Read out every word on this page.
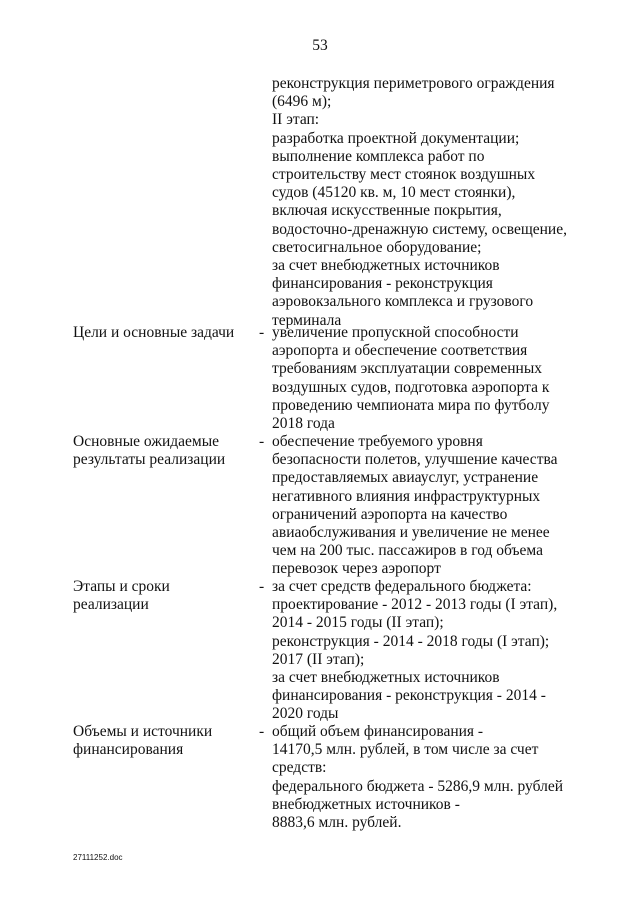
53
реконструкция периметрового ограждения
(6496 м);
II этап:
разработка проектной документации;
выполнение комплекса работ по
строительству мест стоянок воздушных
судов (45120 кв. м, 10 мест стоянки),
включая искусственные покрытия,
водосточно-дренажную систему, освещение,
светосигнальное оборудование;
за счет внебюджетных источников
финансирования - реконструкция
аэровокзального комплекса и грузового
терминала
Цели и основные задачи - увеличение пропускной способности
аэропорта и обеспечение соответствия
требованиям эксплуатации современных
воздушных судов, подготовка аэропорта к
проведению чемпионата мира по футболу
2018 года
Основные ожидаемые
результаты реализации
- обеспечение требуемого уровня
безопасности полетов, улучшение качества
предоставляемых авиауслуг, устранение
негативного влияния инфраструктурных
ограничений аэропорта на качество
авиаобслуживания и увеличение не менее
чем на 200 тыс. пассажиров в год объема
перевозок через аэропорт
Этапы и сроки
реализации
- за счет средств федерального бюджета:
проектирование - 2012 - 2013 годы (I этап),
2014 - 2015 годы (II этап);
реконструкция - 2014 - 2018 годы (I этап);
2017 (II этап);
за счет внебюджетных источников
финансирования - реконструкция - 2014 -
2020 годы
Объемы и источники
финансирования
- общий объем финансирования -
14170,5 млн. рублей, в том числе за счет
средств:
федерального бюджета - 5286,9 млн. рублей
внебюджетных источников -
8883,6 млн. рублей.
27111252.doc
